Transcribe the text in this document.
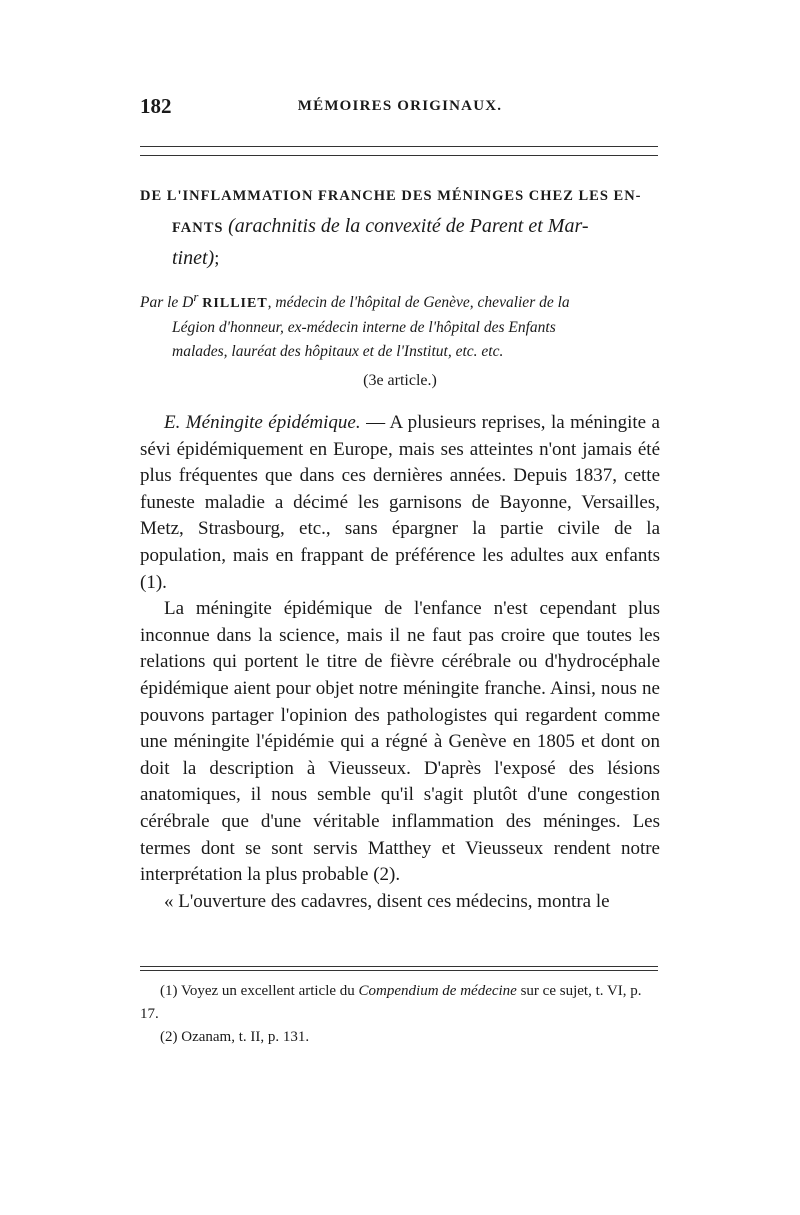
182	MÉMOIRES ORIGINAUX.
DE L'INFLAMMATION FRANCHE DES MÉNINGES CHEZ LES EN-
FANTS (arachnitis de la convexité de Parent et Mar-
tinet);
Par le $D^r$ RILLIET, médecin de l'hôpital de Genève, chevalier de la
Légion d'honneur, ex-médecin interne de l'hôpital des Enfants
malades, lauréat des hôpitaux et de l'Institut, etc. etc.
(3e article.)

E. Méningite épidémique. — A plusieurs reprises, la méningite a sévi épidémiquement en Europe, mais ses atteintes n'ont jamais été plus fréquentes que dans ces dernières années. Depuis 1837, cette funeste maladie a décimé les garnisons de Bayonne, Versailles, Metz, Strasbourg, etc., sans épargner la partie civile de la population, mais en frappant de préférence les adultes aux enfants (1).

La méningite épidémique de l'enfance n'est cependant plus inconnue dans la science, mais il ne faut pas croire que toutes les relations qui portent le titre de fièvre cérébrale ou d'hydrocéphale épidémique aient pour objet notre méningite franche. Ainsi, nous ne pouvons partager l'opinion des pathologistes qui regardent comme une méningite l'épidémie qui a régné à Genève en 1805 et dont on doit la description à Vieusseux. D'après l'exposé des lésions anatomiques, il nous semble qu'il s'agit plutôt d'une congestion cérébrale que d'une véritable inflammation des méninges. Les termes dont se sont servis Matthey et Vieusseux rendent notre interprétation la plus probable (2).

« L'ouverture des cadavres, disent ces médecins, montra le

(1) Voyez un excellent article du Compendium de médecine sur ce sujet, t. VI, p. 17.

(2) Ozanam, t. II, p. 131.
